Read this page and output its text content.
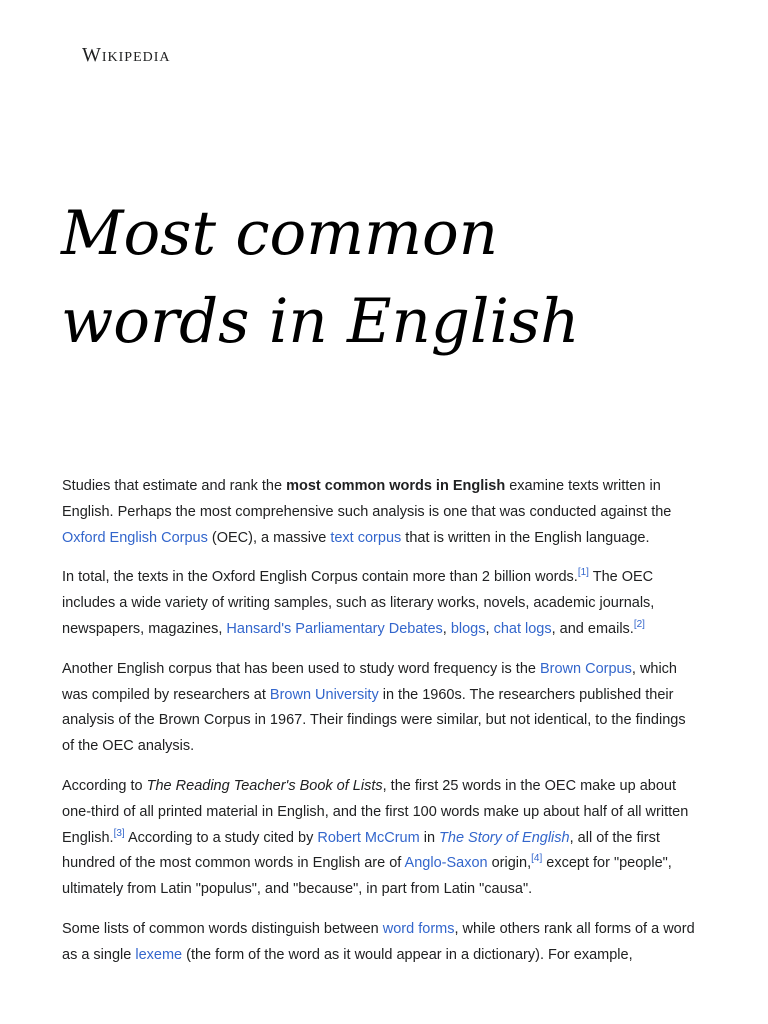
Wikipedia
Most common
words in English

Studies that estimate and rank the most common words in English examine texts written in English. Perhaps the most comprehensive such analysis is one that was conducted against the Oxford English Corpus (OEC), a massive text corpus that is written in the English language.

In total, the texts in the Oxford English Corpus contain more than 2 billion words.[1] The OEC includes a wide variety of writing samples, such as literary works, novels, academic journals, newspapers, magazines, Hansard's Parliamentary Debates, blogs, chat logs, and emails.[2]

Another English corpus that has been used to study word frequency is the Brown Corpus, which was compiled by researchers at Brown University in the 1960s. The researchers published their analysis of the Brown Corpus in 1967. Their findings were similar, but not identical, to the findings of the OEC analysis.

According to The Reading Teacher's Book of Lists, the first 25 words in the OEC make up about one-third of all printed material in English, and the first 100 words make up about half of all written English.[3] According to a study cited by Robert McCrum in The Story of English, all of the first hundred of the most common words in English are of Anglo-Saxon origin,[4] except for "people", ultimately from Latin "populus", and "because", in part from Latin "causa".

Some lists of common words distinguish between word forms, while others rank all forms of a word as a single lexeme (the form of the word as it would appear in a dictionary). For example,
